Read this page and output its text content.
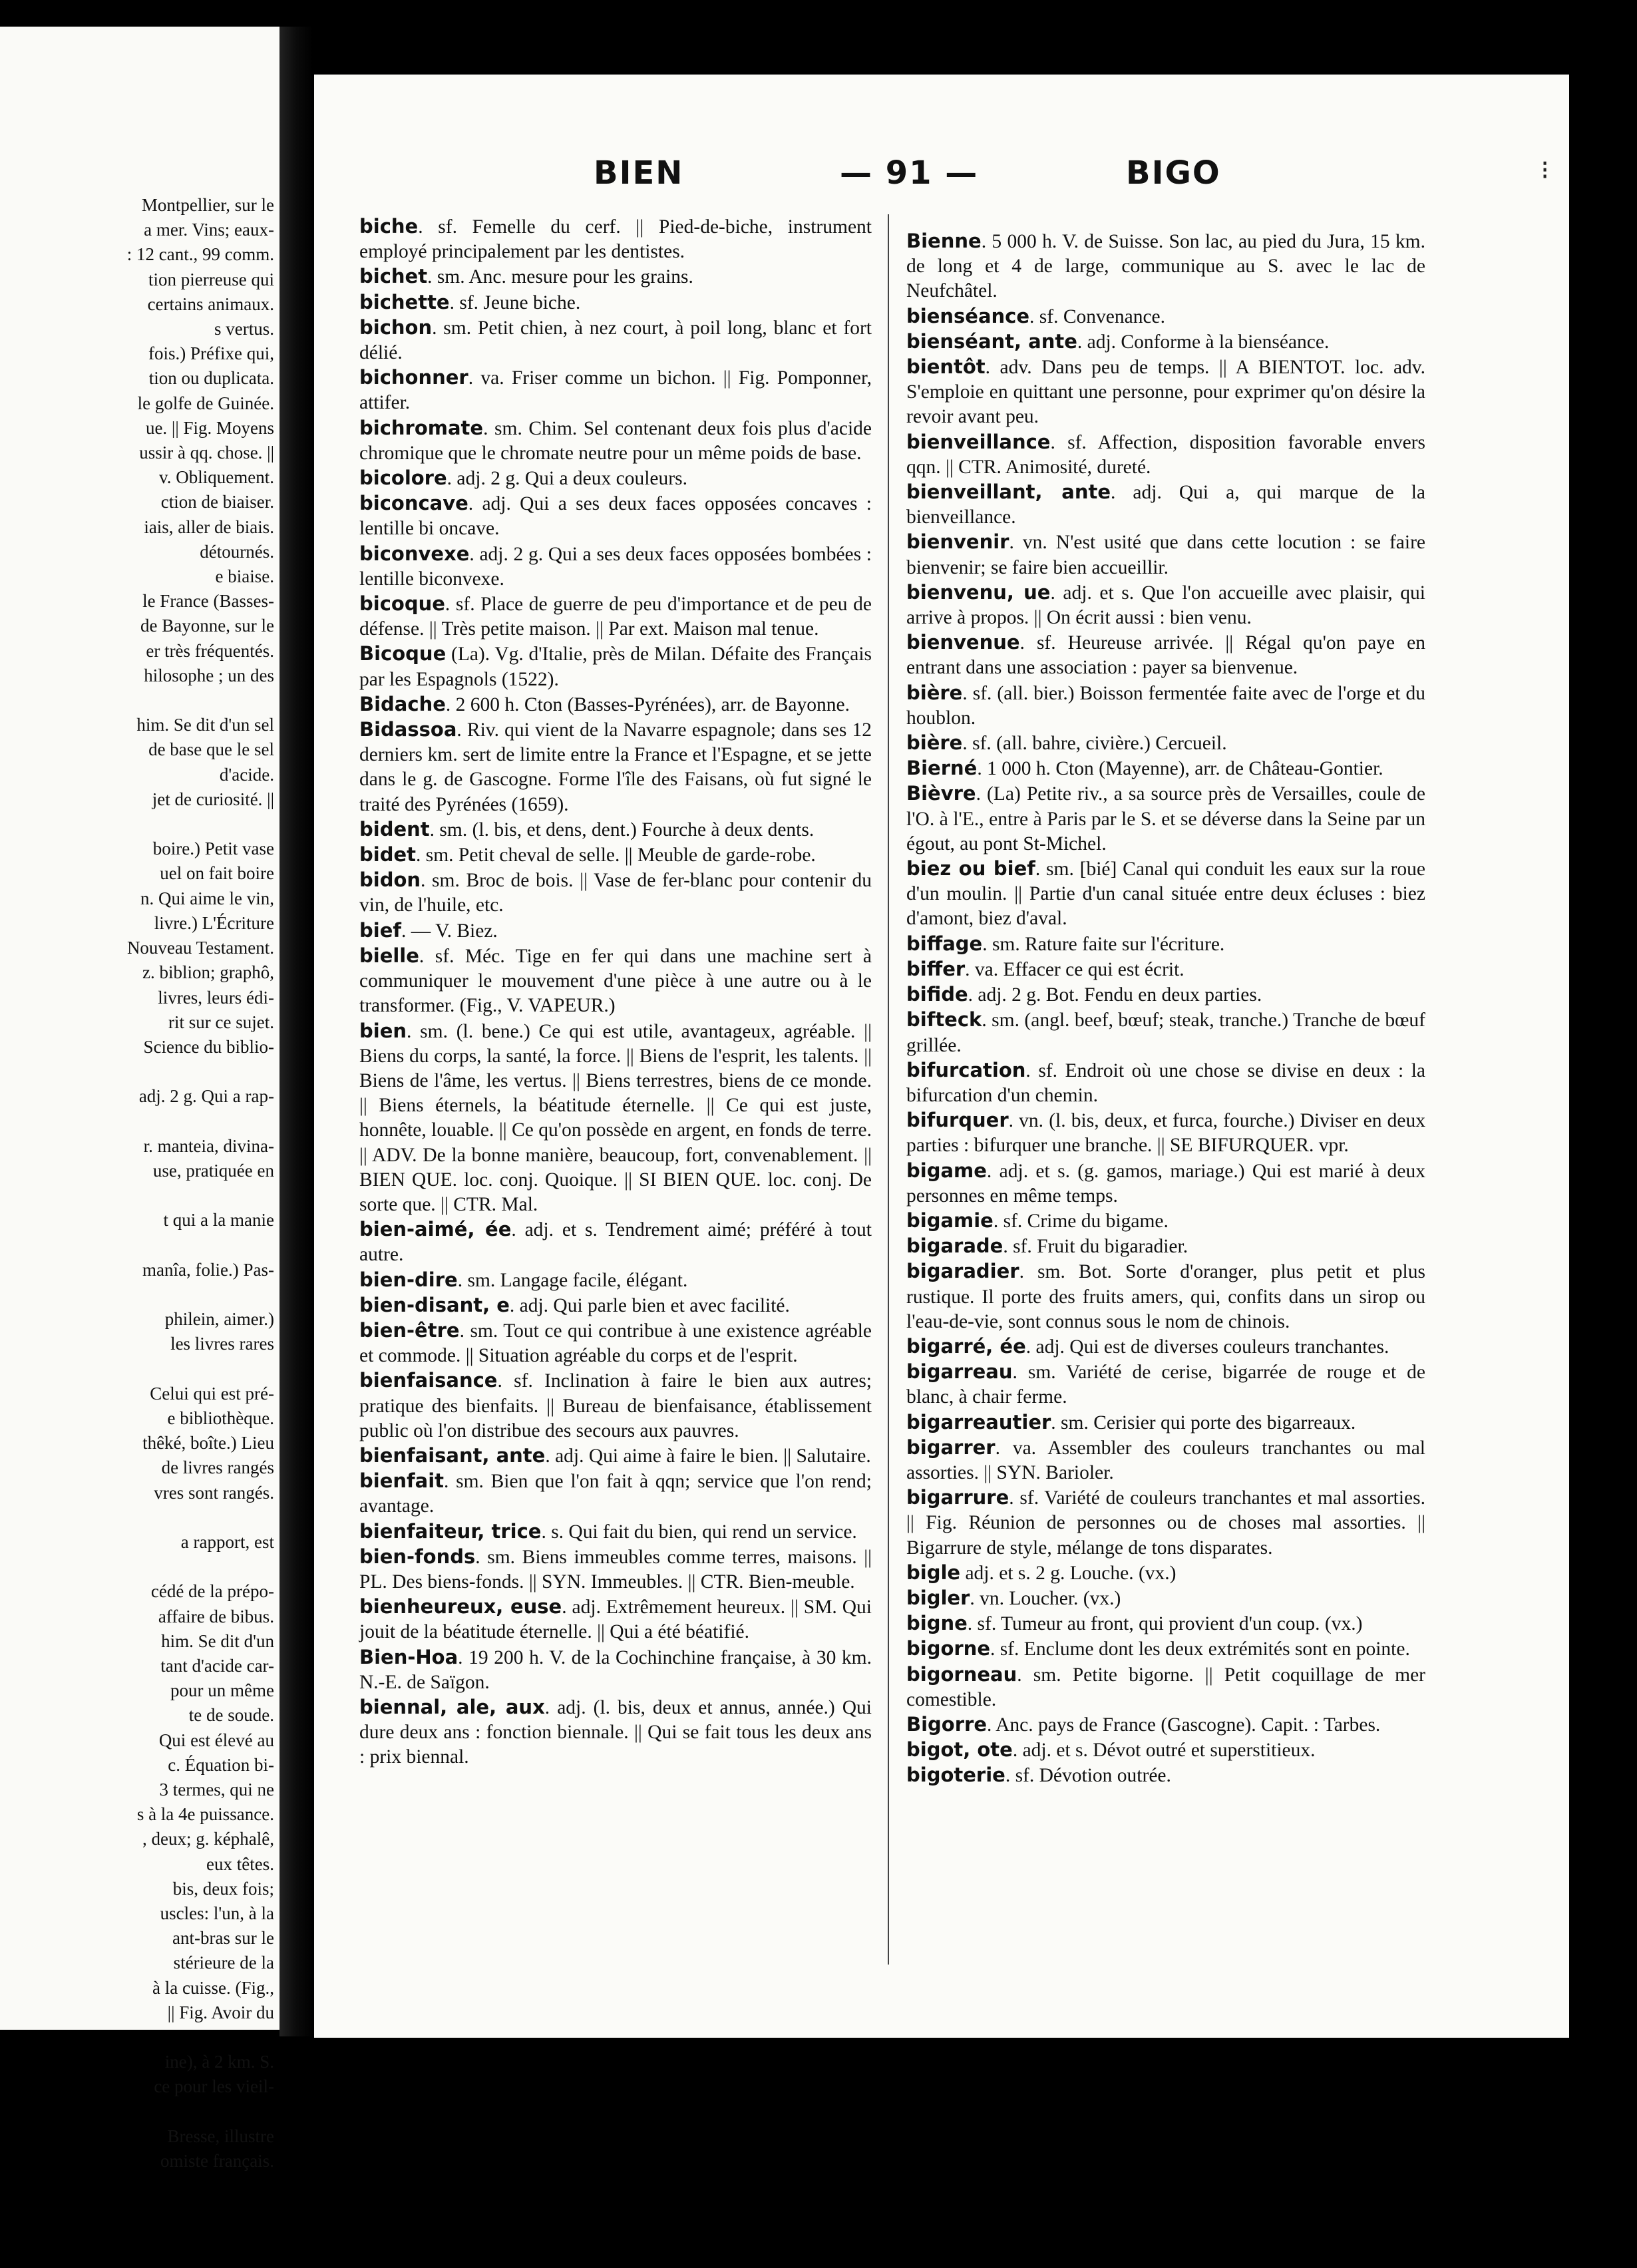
Montpellier, sur le
a mer. Vins; eaux-
: 12 cant., 99 comm.
tion pierreuse qui
certains animaux.
s vertus.
fois.) Préfixe qui,
tion ou duplicata.
le golfe de Guinée.
ue. || Fig. Moyens
ussir à qq. chose. ||
v. Obliquement.
ction de biaiser.
iais, aller de biais.
détournés.
e biaise.
le France (Basses-
de Bayonne, sur le
er très fréquentés.
hilosophe ; un des

him. Se dit d'un sel
de base que le sel
d'acide.
jet de curiosité. ||

boire.) Petit vase
uel on fait boire
n. Qui aime le vin,
livre.) L'Écriture
Nouveau Testament.
z. biblion; graphô,
livres, leurs édi-
rit sur ce sujet.
Science du biblio-

adj. 2 g. Qui a rap-

r. manteia, divina-
use, pratiquée en

t qui a la manie

manîa, folie.) Pas-

philein, aimer.)
les livres rares

Celui qui est pré-
e bibliothèque.
thêké, boîte.) Lieu
de livres rangés
vres sont rangés.

a rapport, est

cédé de la prépo-
affaire de bibus.
him. Se dit d'un
tant d'acide car-
pour un même
te de soude.
Qui est élevé au
c. Équation bi-
3 termes, qui ne
s à la 4e puissance.
, deux; g. képhalê,
eux têtes.
bis, deux fois;
uscles: l'un, à la
ant-bras sur le
stérieure de la
à la cuisse. (Fig.,
|| Fig. Avoir du

ine), à 2 km. S.
ce pour les vieil-

Bresse, illustre
omiste français.
BIEN	— 91 —	BIGO

biche. sf. Femelle du cerf. || Pied-de-biche, instrument employé principalement par les dentistes.

bichet. sm. Anc. mesure pour les grains.

bichette. sf. Jeune biche.

bichon. sm. Petit chien, à nez court, à poil long, blanc et fort délié.

bichonner. va. Friser comme un bichon. || Fig. Pomponner, attifer.

bichromate. sm. Chim. Sel contenant deux fois plus d'acide chromique que le chromate neutre pour un même poids de base.

bicolore. adj. 2 g. Qui a deux couleurs.

biconcave. adj. Qui a ses deux faces opposées concaves : lentille bi oncave.

biconvexe. adj. 2 g. Qui a ses deux faces opposées bombées : lentille biconvexe.

bicoque. sf. Place de guerre de peu d'importance et de peu de défense. || Très petite maison. || Par ext. Maison mal tenue.

Bicoque (La). Vg. d'Italie, près de Milan. Défaite des Français par les Espagnols (1522).

Bidache. 2 600 h. Cton (Basses-Pyrénées), arr. de Bayonne.

Bidassoa. Riv. qui vient de la Navarre espagnole; dans ses 12 derniers km. sert de limite entre la France et l'Espagne, et se jette dans le g. de Gascogne. Forme l'île des Faisans, où fut signé le traité des Pyrénées (1659).

bident. sm. (l. bis, et dens, dent.) Fourche à deux dents.

bidet. sm. Petit cheval de selle. || Meuble de garde-robe.

bidon. sm. Broc de bois. || Vase de fer-blanc pour contenir du vin, de l'huile, etc.

bief. — V. Biez.

bielle. sf. Méc. Tige en fer qui dans une machine sert à communiquer le mouvement d'une pièce à une autre ou à le transformer. (Fig., V. VAPEUR.)

bien. sm. (l. bene.) Ce qui est utile, avantageux, agréable. || Biens du corps, la santé, la force. || Biens de l'esprit, les talents. || Biens de l'âme, les vertus. || Biens terrestres, biens de ce monde. || Biens éternels, la béatitude éternelle. || Ce qui est juste, honnête, louable. || Ce qu'on possède en argent, en fonds de terre. || ADV. De la bonne manière, beaucoup, fort, convenablement. || BIEN QUE. loc. conj. Quoique. || SI BIEN QUE. loc. conj. De sorte que. || CTR. Mal.

bien-aimé, ée. adj. et s. Tendrement aimé; préféré à tout autre.

bien-dire. sm. Langage facile, élégant.

bien-disant, e. adj. Qui parle bien et avec facilité.

bien-être. sm. Tout ce qui contribue à une existence agréable et commode. || Situation agréable du corps et de l'esprit.

bienfaisance. sf. Inclination à faire le bien aux autres; pratique des bienfaits. || Bureau de bienfaisance, établissement public où l'on distribue des secours aux pauvres.

bienfaisant, ante. adj. Qui aime à faire le bien. || Salutaire.

bienfait. sm. Bien que l'on fait à qqn; service que l'on rend; avantage.

bienfaiteur, trice. s. Qui fait du bien, qui rend un service.

bien-fonds. sm. Biens immeubles comme terres, maisons. || PL. Des biens-fonds. || SYN. Immeubles. || CTR. Bien-meuble.

bienheureux, euse. adj. Extrêmement heureux. || SM. Qui jouit de la béatitude éternelle. || Qui a été béatifié.

Bien-Hoa. 19 200 h. V. de la Cochinchine française, à 30 km. N.-E. de Saïgon.

biennal, ale, aux. adj. (l. bis, deux et annus, année.) Qui dure deux ans : fonction biennale. || Qui se fait tous les deux ans : prix biennal.

Bienne. 5 000 h. V. de Suisse. Son lac, au pied du Jura, 15 km. de long et 4 de large, communique au S. avec le lac de Neufchâtel.

bienséance. sf. Convenance.

bienséant, ante. adj. Conforme à la bienséance.

bientôt. adv. Dans peu de temps. || A BIENTOT. loc. adv. S'emploie en quittant une personne, pour exprimer qu'on désire la revoir avant peu.

bienveillance. sf. Affection, disposition favorable envers qqn. || CTR. Animosité, dureté.

bienveillant, ante. adj. Qui a, qui marque de la bienveillance.

bienvenir. vn. N'est usité que dans cette locution : se faire bienvenir; se faire bien accueillir.

bienvenu, ue. adj. et s. Que l'on accueille avec plaisir, qui arrive à propos. || On écrit aussi : bien venu.

bienvenue. sf. Heureuse arrivée. || Régal qu'on paye en entrant dans une association : payer sa bienvenue.

bière. sf. (all. bier.) Boisson fermentée faite avec de l'orge et du houblon.

bière. sf. (all. bahre, civière.) Cercueil.

Bierné. 1 000 h. Cton (Mayenne), arr. de Château-Gontier.

Bièvre. (La) Petite riv., a sa source près de Versailles, coule de l'O. à l'E., entre à Paris par le S. et se déverse dans la Seine par un égout, au pont St-Michel.

biez ou bief. sm. [bié] Canal qui conduit les eaux sur la roue d'un moulin. || Partie d'un canal située entre deux écluses : biez d'amont, biez d'aval.

biffage. sm. Rature faite sur l'écriture.

biffer. va. Effacer ce qui est écrit.

bifide. adj. 2 g. Bot. Fendu en deux parties.

bifteck. sm. (angl. beef, bœuf; steak, tranche.) Tranche de bœuf grillée.

bifurcation. sf. Endroit où une chose se divise en deux : la bifurcation d'un chemin.

bifurquer. vn. (l. bis, deux, et furca, fourche.) Diviser en deux parties : bifurquer une branche. || SE BIFURQUER. vpr.

bigame. adj. et s. (g. gamos, mariage.) Qui est marié à deux personnes en même temps.

bigamie. sf. Crime du bigame.

bigarade. sf. Fruit du bigaradier.

bigaradier. sm. Bot. Sorte d'oranger, plus petit et plus rustique. Il porte des fruits amers, qui, confits dans un sirop ou l'eau-de-vie, sont connus sous le nom de chinois.

bigarré, ée. adj. Qui est de diverses couleurs tranchantes.

bigarreau. sm. Variété de cerise, bigarrée de rouge et de blanc, à chair ferme.

bigarreautier. sm. Cerisier qui porte des bigarreaux.

bigarrer. va. Assembler des couleurs tranchantes ou mal assorties. || SYN. Barioler.

bigarrure. sf. Variété de couleurs tranchantes et mal assorties. || Fig. Réunion de personnes ou de choses mal assorties. || Bigarrure de style, mélange de tons disparates.

bigle adj. et s. 2 g. Louche. (vx.)

bigler. vn. Loucher. (vx.)

bigne. sf. Tumeur au front, qui provient d'un coup. (vx.)

bigorne. sf. Enclume dont les deux extrémités sont en pointe.

bigorneau. sm. Petite bigorne. || Petit coquillage de mer comestible.

Bigorre. Anc. pays de France (Gascogne). Capit. : Tarbes.

bigot, ote. adj. et s. Dévot outré et superstitieux.

bigoterie. sf. Dévotion outrée.

⁝
